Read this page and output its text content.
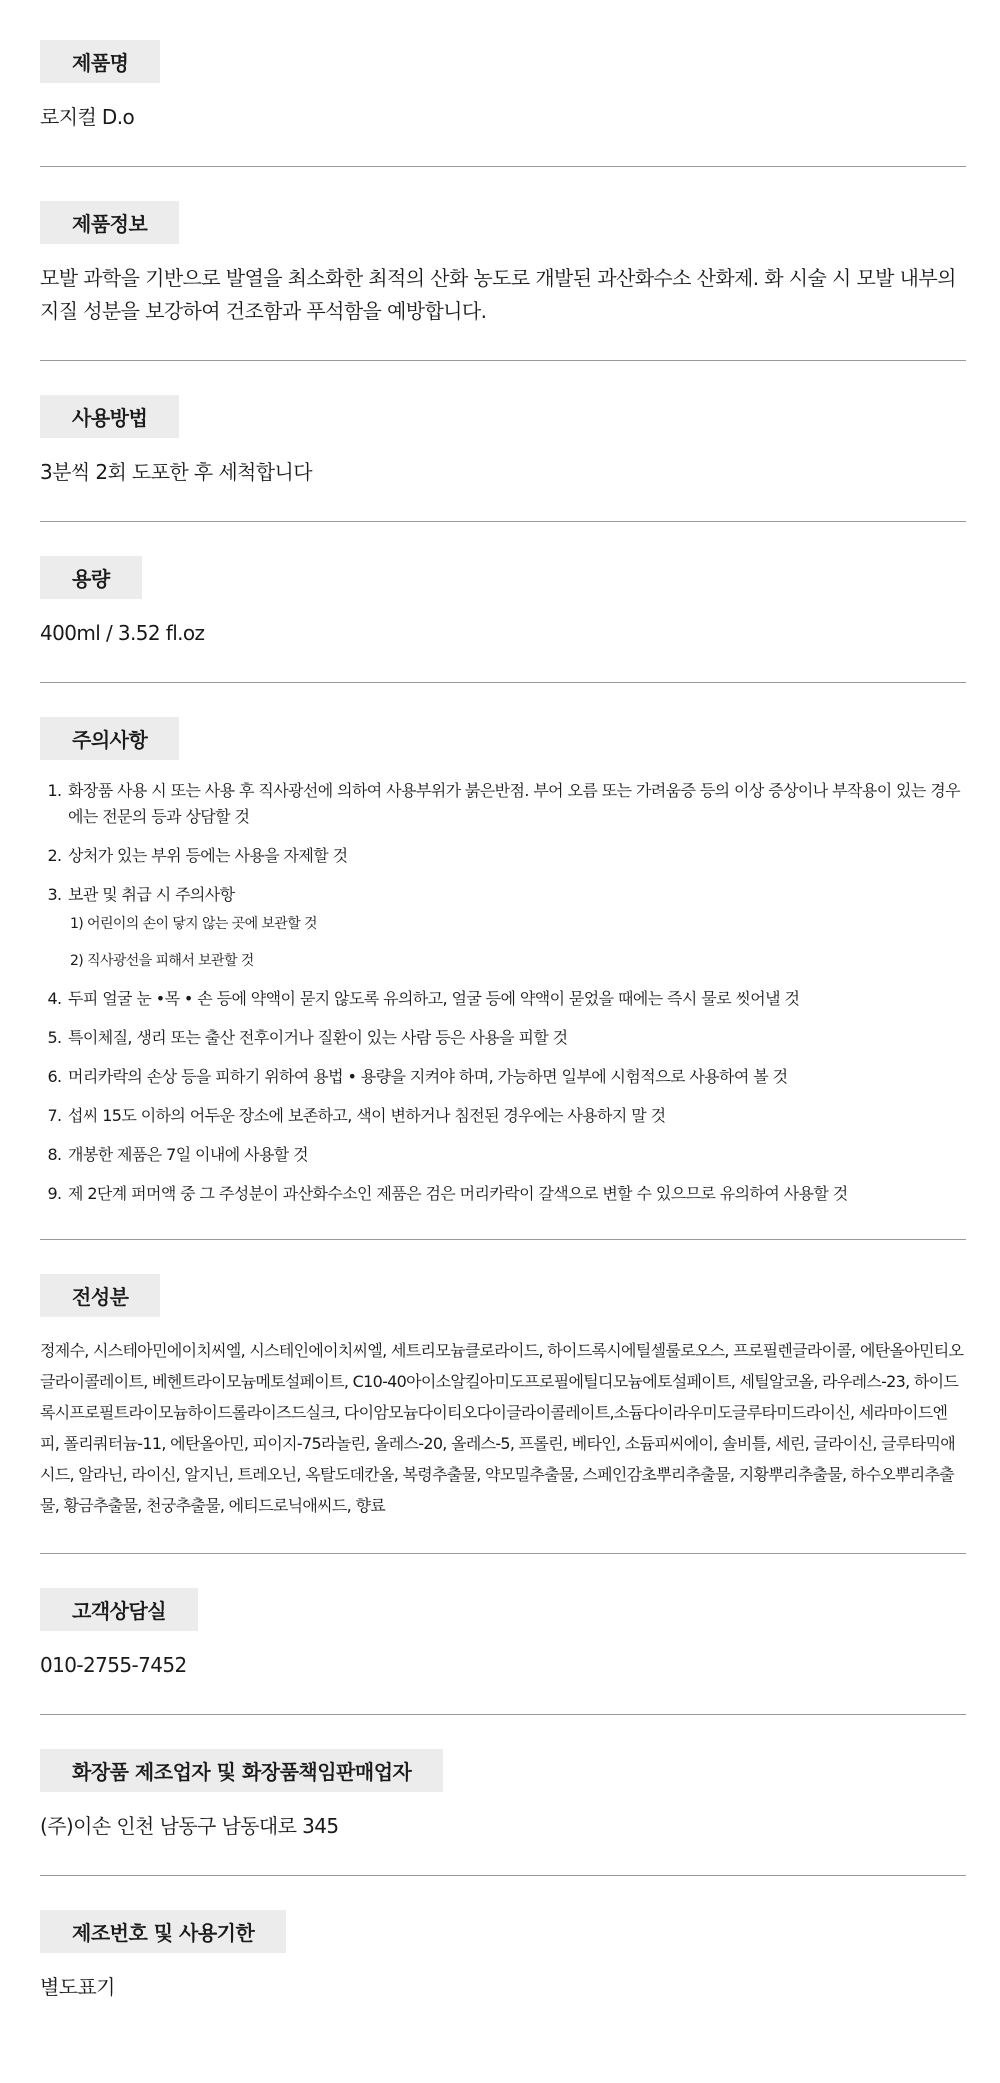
제품명

로지컬 D.o

제품정보

모발 과학을 기반으로 발열을 최소화한 최적의 산화 농도로 개발된 과산화수소 산화제. 화 시술 시 모발 내부의 지질 성분을 보강하여 건조함과 푸석함을 예방합니다.

사용방법

3분씩 2회 도포한 후 세척합니다

용량

400ml / 3.52 fl.oz

주의사항
1. 화장품 사용 시 또는 사용 후 직사광선에 의하여 사용부위가 붉은반점. 부어 오름 또는 가려움증 등의 이상 증상이나 부작용이 있는 경우에는 전문의 등과 상담할 것
2. 상처가 있는 부위 등에는 사용을 자제할 것
3. 보관 및 취급 시 주의사항
1) 어린이의 손이 닿지 않는 곳에 보관할 것
2) 직사광선을 피해서 보관할 것
4. 두피 얼굴 눈 •목 • 손 등에 약액이 묻지 않도록 유의하고, 얼굴 등에 약액이 묻었을 때에는 즉시 물로 씻어낼 것
5. 특이체질, 생리 또는 출산 전후이거나 질환이 있는 사람 등은 사용을 피할 것
6. 머리카락의 손상 등을 피하기 위하여 용법 • 용량을 지켜야 하며, 가능하면 일부에 시험적으로 사용하여 볼 것
7. 섭씨 15도 이하의 어두운 장소에 보존하고, 색이 변하거나 침전된 경우에는 사용하지 말 것
8. 개봉한 제품은 7일 이내에 사용할 것
9. 제 2단계 퍼머액 중 그 주성분이 과산화수소인 제품은 검은 머리카락이 갈색으로 변할 수 있으므로 유의하여 사용할 것
전성분

정제수, 시스테아민에이치씨엘, 시스테인에이치씨엘, 세트리모늄클로라이드, 하이드록시에틸셀룰로오스, 프로필렌글라이콜, 에탄올아민티오글라이콜레이트, 베헨트라이모늄메토설페이트, C10-40아이소알킬아미도프로필에틸디모늄에토설페이트, 세틸알코올, 라우레스-23, 하이드록시프로필트라이모늄하이드롤라이즈드실크, 다이암모늄다이티오다이글라이콜레이트,소듐다이라우미도글루타미드라이신, 세라마이드엔피, 폴리쿼터늄-11, 에탄올아민, 피이지-75라놀린, 올레스-20, 올레스-5, 프롤린, 베타인, 소듐피씨에이, 솔비틀, 세린, 글라이신, 글루타믹애시드, 알라닌, 라이신, 알지닌, 트레오닌, 옥탈도데칸올, 복령추출물, 약모밀추출물, 스페인감초뿌리추출물, 지황뿌리추출물, 하수오뿌리추출물, 황금추출물, 천궁추출물, 에티드로닉애씨드, 향료

고객상담실

010-2755-7452

화장품 제조업자 및 화장품책임판매업자

(주)이손 인천 남동구 남동대로 345

제조번호 및 사용기한

별도표기
